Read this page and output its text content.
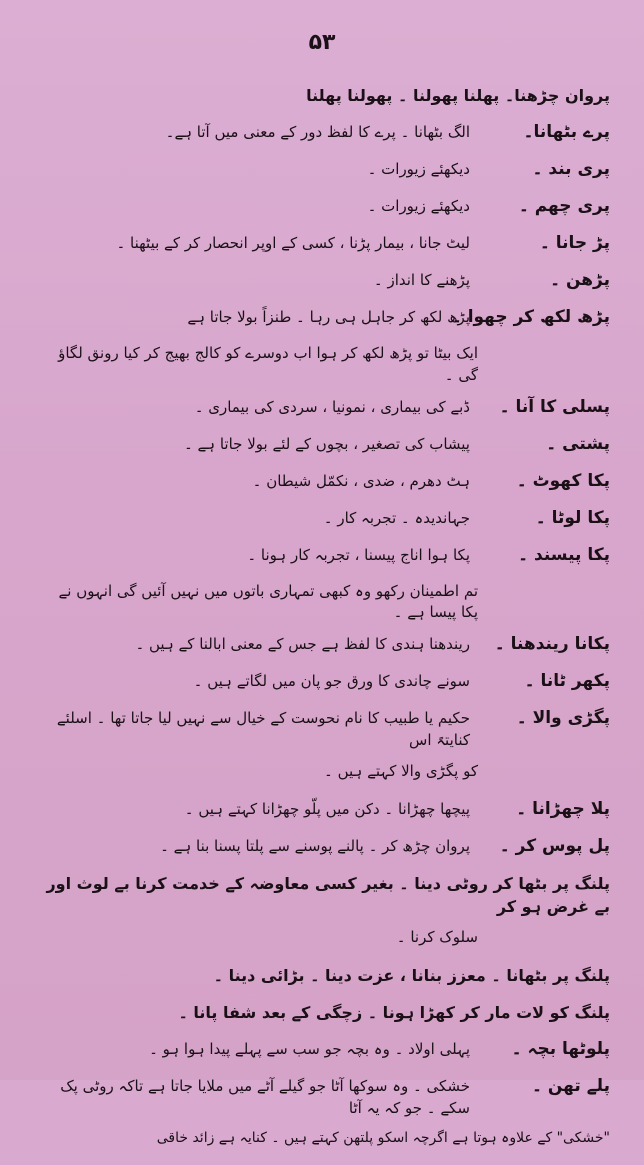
۵۳
پروان چڑھنا۔ پھلنا پھولنا ۔ پھولنا پھلنا
پرے بٹھانا۔
الگ بٹھانا ۔ پرے کا لفظ دور کے معنی میں آتا ہے۔
پری بند ۔
دیکھئے زیورات ۔
پری چھم ۔
دیکھئے زیورات ۔
پڑ جانا ۔
لیٹ جانا ، بیمار پڑنا ، کسی کے اوپر انحصار کر کے بیٹھنا ۔
پڑھن ۔
پڑھنے کا انداز ۔
پڑھ لکھ کر چھوا ۔
پڑھ لکھ کر جاہل ہی رہا ۔ طنزاً بولا جاتا ہے
ایک بیٹا تو پڑھ لکھ کر ہوا اب دوسرے کو کالج بھیج کر کیا رونق لگاؤ گی ۔
پسلی کا آنا ۔
ڈبے کی بیماری ، نمونیا ، سردی کی بیماری ۔
پشتی ۔
پیشاب کی تصغیر ، بچوں کے لئے بولا جاتا ہے ۔
پکا کھوٹ ۔
ہٹ دھرم ، ضدی ، نکمّل شیطان ۔
پکا لوٹا ۔
جہاندیدہ ۔ تجربہ کار ۔
پکا پیسند ۔
پکا ہوا اناج پیسنا ، تجربہ کار ہونا ۔
تم اطمینان رکھو وہ کبھی تمہاری باتوں میں نہیں آئیں گی انہوں نے پکا پیسا ہے ۔
پکانا ریندھنا ۔
ریندھنا ہندی کا لفظ ہے جس کے معنی ابالنا کے ہیں ۔
پکھر ٹانا ۔
سونے چاندی کا ورق جو پان میں لگاتے ہیں ۔
پگڑی والا ۔
حکیم یا طبیب کا نام نحوست کے خیال سے نہیں لیا جاتا تھا ۔ اسلئے کنایتہً اس
کو پگڑی والا کہتے ہیں ۔
پلا چھڑانا ۔
پیچھا چھڑانا ۔ دکن میں پلّو چھڑانا کہتے ہیں ۔
پل پوس کر ۔
پروان چڑھ کر ۔ پالنے پوسنے سے پلتا پسنا بنا ہے ۔
پلنگ پر بٹھا کر روٹی دینا ۔ بغیر کسی معاوضہ کے خدمت کرنا بے لوث اور بے غرض ہو کر
سلوک کرنا ۔
پلنگ پر بٹھانا ۔ معزز بنانا ، عزت دینا ۔ بڑائی دینا ۔
پلنگ کو لات مار کر کھڑا ہونا ۔ زچگی کے بعد شفا پانا ۔
پلوٹھا بچہ ۔
پہلی اولاد ۔ وہ بچہ جو سب سے پہلے پیدا ہوا ہو ۔
پلے تھن ۔
خشکی ۔ وہ سوکھا آٹا جو گیلے آٹے میں ملایا جاتا ہے تاکہ روٹی پک سکے ۔ جو کہ یہ آٹا
"خشکی" کے علاوہ ہوتا ہے اگرچہ اسکو پلتھن کہتے ہیں ۔ کنایہ ہے زائد خاقی
